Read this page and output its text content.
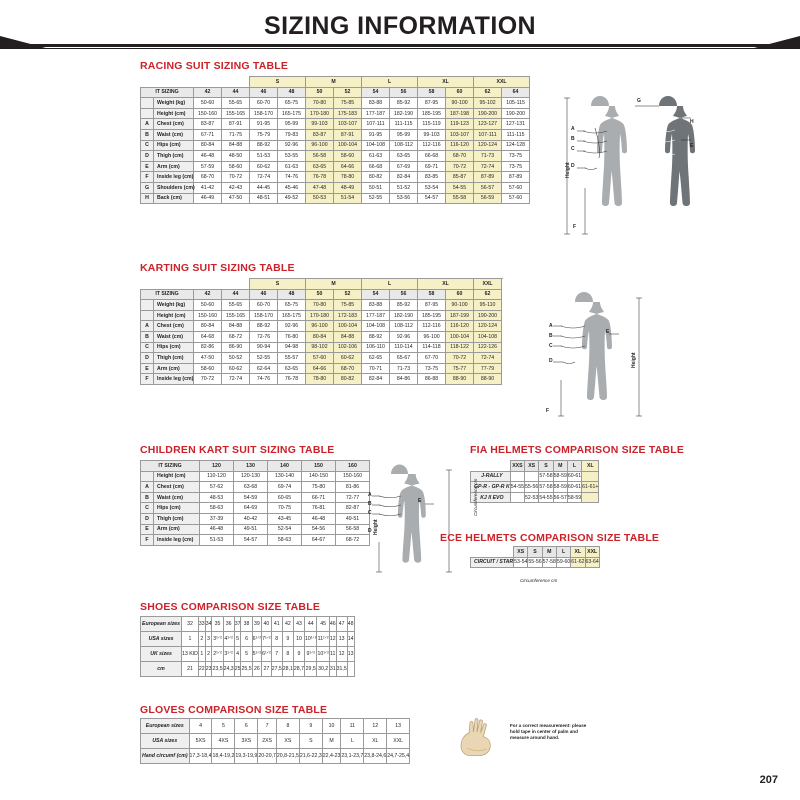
SIZING INFORMATION
RACING SUIT SIZING TABLE
				S		M		L		XL		XXL	
IT SIZING		42	44	46	48	50	52	54	56	58	60	62	64
	Weight (kg)	50-60	55-65	60-70	65-75	70-80	75-85	83-88	85-92	87-95	90-100	95-102	105-115
	Height (cm)	150-160	155-165	158-170	165-175	170-180	175-183	177-187	182-190	185-195	187-198	190-200	190-200
A	Chest (cm)	83-87	87-91	91-95	95-99	99-103	103-107	107-111	111-115	115-119	119-123	123-127	127-131
B	Waist (cm)	67-71	71-75	75-79	79-83	83-87	87-91	91-95	95-99	99-103	103-107	107-111	111-115
C	Hips (cm)	80-84	84-88	88-92	92-96	96-100	100-104	104-108	108-112	112-116	116-120	120-124	124-128
D	Thigh (cm)	46-48	48-50	51-53	53-55	56-58	58-60	61-63	63-65	66-68	68-70	71-73	73-75
E	Arm (cm)	57-59	58-60	60-62	61-63	63-65	64-66	66-68	67-69	69-71	70-72	72-74	73-75
F	Inside leg (cm)	68-70	70-72	72-74	74-76	76-78	78-80	80-82	82-84	83-85	85-87	87-89	87-89
G	Shoulders (cm)	41-42	42-43	44-45	45-46	47-48	48-49	50-51	51-52	53-54	54-55	56-57	57-60
H	Back (cm)	46-49	47-50	48-51	49-52	50-53	51-54	52-55	53-56	54-57	55-58	56-59	57-60
A
B
C
D
E
F
G
H
Height
KARTING SUIT SIZING TABLE
				S		M		L		XL		XXL
IT SIZING		42	44	46	48	50	52	54	56	58	60	62
	Weight (kg)	50-60	55-65	60-70	65-75	70-80	75-85	83-88	85-92	87-95	90-100	95-110
	Height (cm)	150-160	155-165	158-170	165-175	170-180	172-183	177-187	182-190	185-195	187-199	190-200
A	Chest (cm)	80-84	84-88	88-92	92-96	96-100	100-104	104-108	108-112	112-116	116-120	120-124
B	Waist (cm)	64-68	68-72	72-76	76-80	80-84	84-88	88-92	92-96	96-100	100-104	104-108
C	Hips (cm)	82-86	86-90	90-94	94-98	98-102	102-106	106-110	110-114	114-118	118-122	122-126
D	Thigh (cm)	47-50	50-52	52-55	55-57	57-60	60-62	62-65	65-67	67-70	70-72	72-74
E	Arm (cm)	58-60	60-62	62-64	63-65	64-66	68-70	70-71	71-73	73-75	75-77	77-79
F	Inside leg (cm)	70-72	72-74	74-76	76-78	78-80	80-82	82-84	84-86	86-88	88-90	88-90
A
B
C
D
E
F
Height
CHILDREN KART SUIT SIZING TABLE
IT SIZING		120	130	140	150	160
	Height (cm)	110-120	120-130	130-140	140-150	150-160
A	Chest (cm)	57-62	63-68	69-74	75-80	81-86
B	Waist (cm)	48-53	54-59	60-65	66-71	72-77
C	Hips (cm)	58-63	64-69	70-75	76-81	82-87
D	Thigh (cm)	37-39	40-42	43-45	46-48	49-51
E	Arm (cm)	46-48	49-51	52-54	54-56	56-58
F	Inside leg (cm)	51-53	54-57	58-63	64-67	68-72
A
B
C
D
E
Height
FIA HELMETS COMPARISON SIZE TABLE
	XXS	XS	S	M	L	XL
	J-RALLY			57-58	58-59	60-61	
GP-R - GP-R K	54-55	55-56	57-58	58-59	60-61	61-61+
KJ II EVO		52-53	54-55	56-57	58-59	
Circumference cm
ECE HELMETS COMPARISON SIZE TABLE
	XS	S	M	L	XL	XXL
	CIRCUIT / STAR	53-54	55-56	57-58	59-60	61-62	63-64
Circumference cm
SHOES COMPARISON SIZE TABLE
European sizes	32	33	34	35	36	37	38	39	40	41	42	43	44	45	46	47	48
USA sizes	1	2	3	3¹ᐟ²	4¹ᐟ²	5	6	6¹ᐟ²	7¹ᐟ²	8	9	10	10¹ᐟ²	11¹ᐟ²	12	13	14
UK sizes	13 KID	1	2	2¹ᐟ²	3¹ᐟ²	4	5	5¹ᐟ²	6¹ᐟ²	7	8	9	9¹ᐟ²	10¹ᐟ²	11	12	13
cm	21	22	23	23,5	24,3	25	25,5	26	27	27,5	28,1	28,7	29,5	30,2	31	31,5	
GLOVES COMPARISON SIZE TABLE
European sizes	4	5	6	7	8	9	10	11	12	13
USA sizes	5XS	4XS	3XS	2XS	XS	S	M	L	XL	XXL
Hand circumf (cm)	17,3-18,4	18,4-19,2	19,3-19,9	20-20,7	20,8-21,5	21,6-22,3	22,4-23	23,1-23,7	23,8-24,6	24,7-25,4
For a correct measurement: please hold tape in center of palm and measure around hand.
207
